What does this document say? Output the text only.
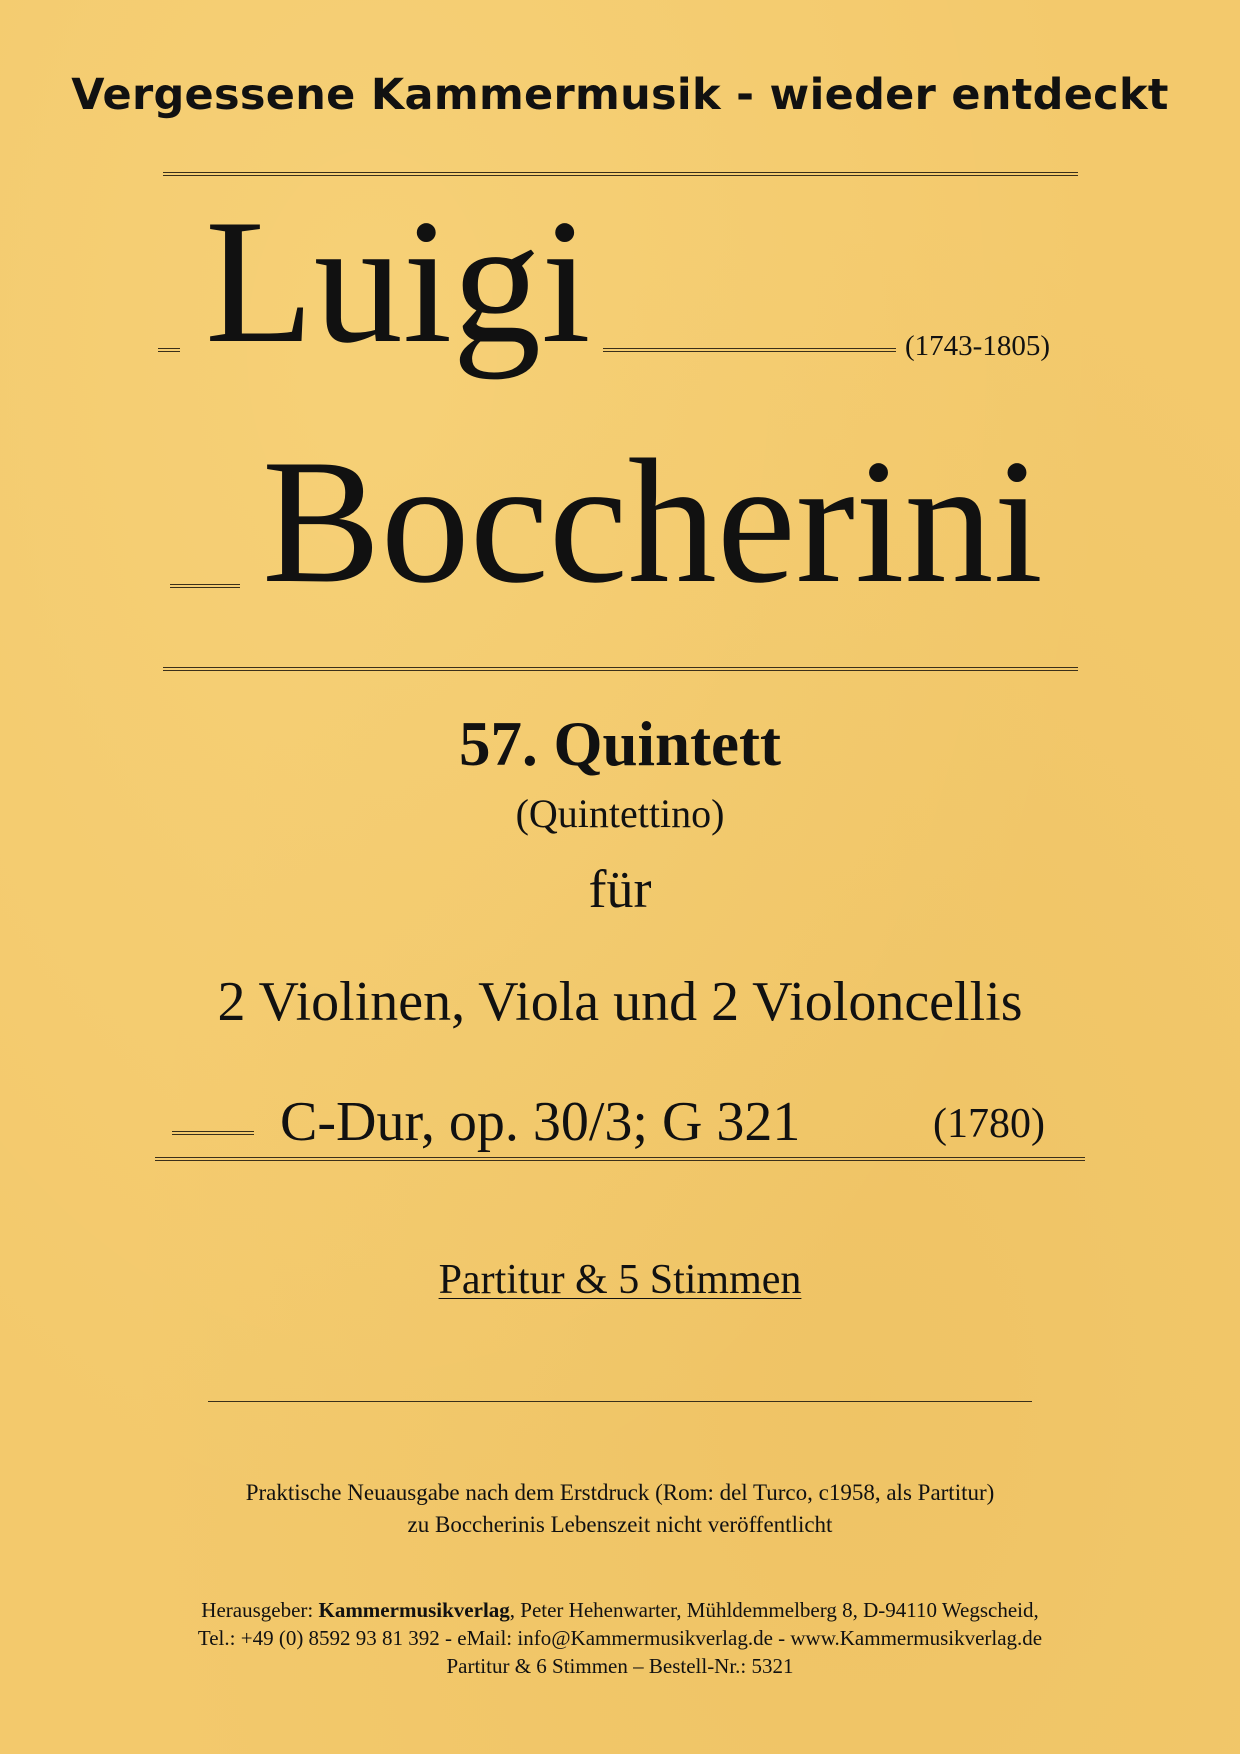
Vergessene Kammermusik - wieder entdeckt
Luigi	(1743-1805)
Boccherini
57. Quintett
(Quintettino)
für
2 Violinen, Viola und 2 Violoncellis
C-Dur, op. 30/3; G 321	(1780)
Partitur & 5 Stimmen
Praktische Neuausgabe nach dem Erstdruck (Rom: del Turco, c1958, als Partitur)
zu Boccherinis Lebenszeit nicht veröffentlicht
Herausgeber: Kammermusikverlag, Peter Hehenwarter, Mühldemmelberg 8, D-94110 Wegscheid,
Tel.: +49 (0) 8592 93 81 392 - eMail: info@Kammermusikverlag.de - www.Kammermusikverlag.de
Partitur & 6 Stimmen – Bestell-Nr.: 5321
